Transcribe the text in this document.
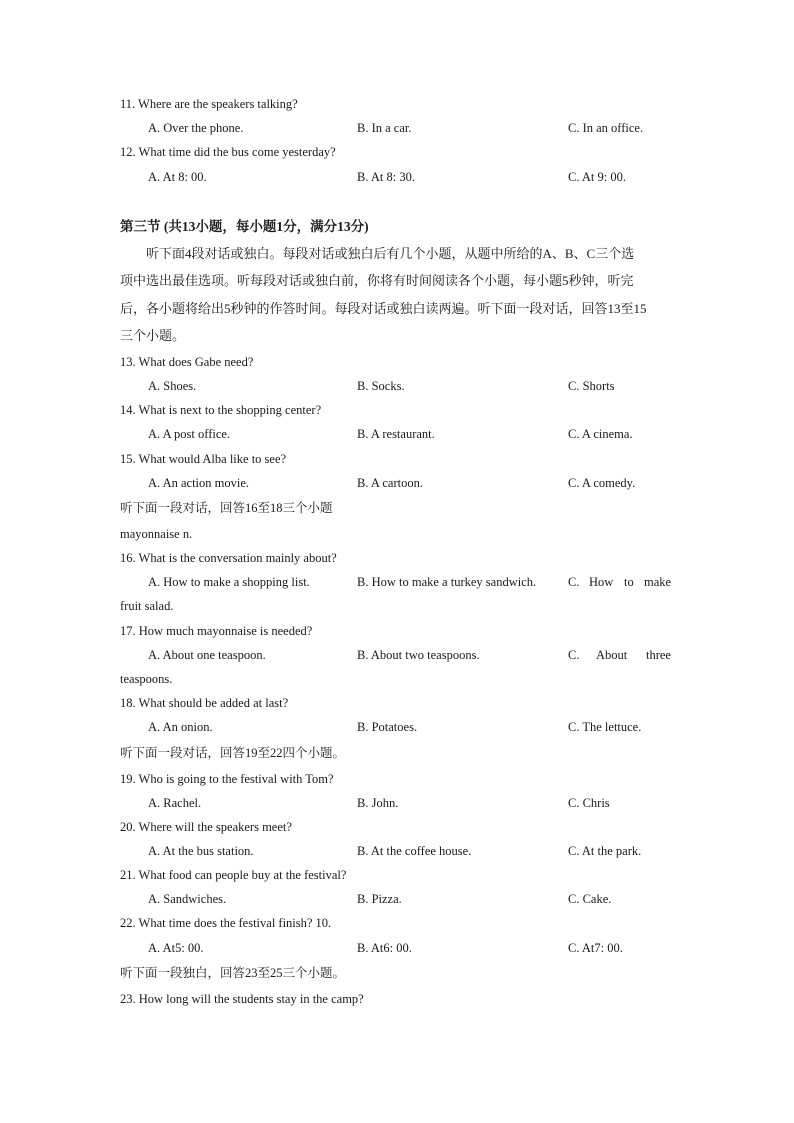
11. Where are the speakers talking?
A. Over the phone.	B. In a car.	C. In an office.
12. What time did the bus come yesterday?
A. At 8: 00.	B. At 8: 30.	C. At 9: 00.
第三节 (共13小题，每小题1分，满分13分)
听下面4段对话或独白。每段对话或独白后有几个小题，从题中所给的A、B、C三个选
项中选出最佳选项。听每段对话或独白前，你将有时间阅读各个小题，每小题5秒钟，听完
后，各小题将给出5秒钟的作答时间。每段对话或独白读两遍。听下面一段对话，回答13至15
三个小题。
13. What does Gabe need?
A. Shoes.	B. Socks.	C. Shorts
14. What is next to the shopping center?
A. A post office.	B. A restaurant.	C. A cinema.
15. What would Alba like to see?
A. An action movie.	B. A cartoon.	C. A comedy.
听下面一段对话，回答16至18三个小题
mayonnaise n.
16. What is the conversation mainly about?
A. How to make a shopping list.	B. How to make a turkey sandwich.	C. How to make
fruit salad.
17. How much mayonnaise is needed?
A. About one teaspoon.	B. About two teaspoons.	C. About three
teaspoons.
18. What should be added at last?
A. An onion.	B. Potatoes.	C. The lettuce.
听下面一段对话，回答19至22四个小题。
19. Who is going to the festival with Tom?
A. Rachel.	B. John.	C. Chris
20. Where will the speakers meet?
A. At the bus station.	B. At the coffee house.	C. At the park.
21. What food can people buy at the festival?
A. Sandwiches.	B. Pizza.	C. Cake.
22. What time does the festival finish? 10.
A. At5: 00.	B. At6: 00.	C. At7: 00.
听下面一段独白，回答23至25三个小题。
23. How long will the students stay in the camp?
